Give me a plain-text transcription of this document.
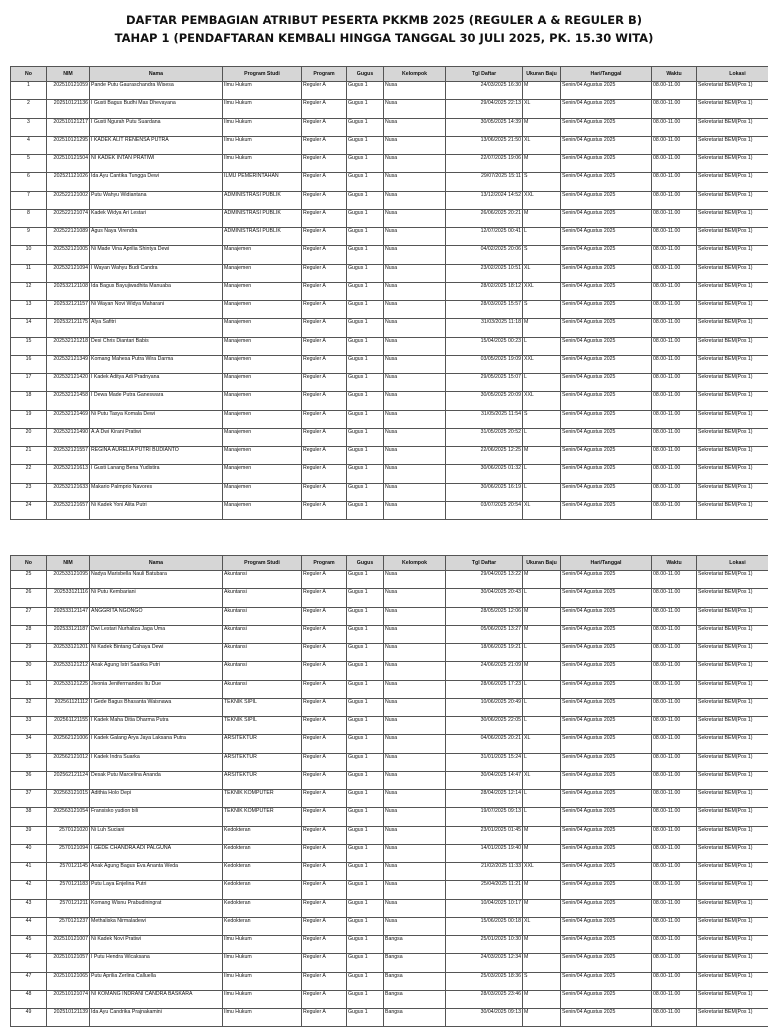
DAFTAR PEMBAGIAN ATRIBUT PESERTA PKKMB 2025 (REGULER A & REGULER B)
TAHAP 1 (PENDAFTARAN KEMBALI HINGGA TANGGAL 30 JULI 2025, PK. 15.30 WITA)
No	NIM	Nama	Program Studi	Program	Gugus	Kelompok	Tgl Daftar	Ukuran Baju	Hari/Tanggal	Waktu	Lokasi
1	2025101210​59	Pande Putu Gauraschandra Wisesa	Ilmu Hukum	Reguler A	Gugus 1	Nusa	24/03/2025 16:30	M	Senin/04 Agustus 2025	08.00-11.00	Sekretariat BEM(Pos 1)
2	202510121136	I Gusti Bagus Budhi Mas Dhevayana	Ilmu Hukum	Reguler A	Gugus 1	Nusa	29/04/2025 22:13	XL	Senin/04 Agustus 2025	08.00-11.00	Sekretariat BEM(Pos 1)
3	202510121217	I Gusti Ngurah Putu Suardana	Ilmu Hukum	Reguler A	Gugus 1	Nusa	30/05/2025 14:39	M	Senin/04 Agustus 2025	08.00-11.00	Sekretariat BEM(Pos 1)
4	202510121295	I KADEK ALIT RENENSA PUTRA	Ilmu Hukum	Reguler A	Gugus 1	Nusa	13/06/2025 21:50	XL	Senin/04 Agustus 2025	08.00-11.00	Sekretariat BEM(Pos 1)
5	202510121504	NI KADEK INTAN PRATIWI	Ilmu Hukum	Reguler A	Gugus 1	Nusa	22/07/2025 19:06	M	Senin/04 Agustus 2025	08.00-11.00	Sekretariat BEM(Pos 1)
6	202521121026	Ida Ayu Cantika Tungga Dewi	ILMU PEMERINTAHAN	Reguler A	Gugus 1	Nusa	29/07/2025 15:11	S	Senin/04 Agustus 2025	08.00-11.00	Sekretariat BEM(Pos 1)
7	202522121002	Putu Wahyu Widiantana	ADMINISTRASI PUBLIK	Reguler A	Gugus 1	Nusa	13/12/2024 14:52	XXL	Senin/04 Agustus 2025	08.00-11.00	Sekretariat BEM(Pos 1)
8	202522121074	Kadek Widya Ari Lestari	ADMINISTRASI PUBLIK	Reguler A	Gugus 1	Nusa	26/06/2025 20:21	M	Senin/04 Agustus 2025	08.00-11.00	Sekretariat BEM(Pos 1)
9	202522121089	Agus Naya Virendra	ADMINISTRASI PUBLIK	Reguler A	Gugus 1	Nusa	12/07/2025 00:41	L	Senin/04 Agustus 2025	08.00-11.00	Sekretariat BEM(Pos 1)
10	202532121005	Ni Made Vina Aprilia Shintya Dewi	Manajemen	Reguler A	Gugus 1	Nusa	04/02/2025 20:06	S	Senin/04 Agustus 2025	08.00-11.00	Sekretariat BEM(Pos 1)
11	202532121094	I Wayan Wahyu Budi Candra	Manajemen	Reguler A	Gugus 1	Nusa	23/02/2025 10:51	XL	Senin/04 Agustus 2025	08.00-11.00	Sekretariat BEM(Pos 1)
12	202532121108	Ida Bagus Bayujiwadhita Manuaba	Manajemen	Reguler A	Gugus 1	Nusa	28/02/2025 18:12	XXL	Senin/04 Agustus 2025	08.00-11.00	Sekretariat BEM(Pos 1)
13	202532121157	Ni Wayan Novi Widya Maharani	Manajemen	Reguler A	Gugus 1	Nusa	28/03/2025 15:57	S	Senin/04 Agustus 2025	08.00-11.00	Sekretariat BEM(Pos 1)
14	202532121175	Alya Safitri	Manajemen	Reguler A	Gugus 1	Nusa	31/03/2025 11:18	M	Senin/04 Agustus 2025	08.00-11.00	Sekretariat BEM(Pos 1)
15	202532121218	Desi Chris Diantari Babis	Manajemen	Reguler A	Gugus 1	Nusa	15/04/2025 00:23	L	Senin/04 Agustus 2025	08.00-11.00	Sekretariat BEM(Pos 1)
16	202532121349	Komang Mahesa Putra Wira Darma	Manajemen	Reguler A	Gugus 1	Nusa	03/05/2025 19:09	XXL	Senin/04 Agustus 2025	08.00-11.00	Sekretariat BEM(Pos 1)
17	202532121420	I Kadek Aditya Adi Pradnyana	Manajemen	Reguler A	Gugus 1	Nusa	29/05/2025 15:07	L	Senin/04 Agustus 2025	08.00-11.00	Sekretariat BEM(Pos 1)
18	202532121458	I Dewa Made Putra Ganeswara	Manajemen	Reguler A	Gugus 1	Nusa	30/05/2025 20:09	XXL	Senin/04 Agustus 2025	08.00-11.00	Sekretariat BEM(Pos 1)
19	202532121469	Ni Putu Tasya Komala Dewi	Manajemen	Reguler A	Gugus 1	Nusa	31/05/2025 11:54	S	Senin/04 Agustus 2025	08.00-11.00	Sekretariat BEM(Pos 1)
20	202532121490	A.A Dwi Kirani Pratiwi	Manajemen	Reguler A	Gugus 1	Nusa	31/05/2025 20:52	L	Senin/04 Agustus 2025	08.00-11.00	Sekretariat BEM(Pos 1)
21	202532121557	REGINA AURELIA PUTRI BUDIANTO	Manajemen	Reguler A	Gugus 1	Nusa	22/06/2025 12:25	M	Senin/04 Agustus 2025	08.00-11.00	Sekretariat BEM(Pos 1)
22	202532121613	I Gusti Lanang Bena Yudistira	Manajemen	Reguler A	Gugus 1	Nusa	30/06/2025 01:32	L	Senin/04 Agustus 2025	08.00-11.00	Sekretariat BEM(Pos 1)
23	202532121633	Makario Palmprio Navores	Manajemen	Reguler A	Gugus 1	Nusa	30/06/2025 16:19	L	Senin/04 Agustus 2025	08.00-11.00	Sekretariat BEM(Pos 1)
24	202532121657	Ni Kadek Yoni Alita Putri	Manajemen	Reguler A	Gugus 1	Nusa	03/07/2025 20:54	XL	Senin/04 Agustus 2025	08.00-11.00	Sekretariat BEM(Pos 1)
No	NIM	Nama	Program Studi	Program	Gugus	Kelompok	Tgl Daftar	Ukuran Baju	Hari/Tanggal	Waktu	Lokasi
25	202533121095	Nadya Marisbella Nauli Batubara	Akuntansi	Reguler A	Gugus 1	Nusa	29/04/2025 13:22	M	Senin/04 Agustus 2025	08.00-11.00	Sekretariat BEM(Pos 1)
26	202533121116	Ni Putu Kembariani	Akuntansi	Reguler A	Gugus 1	Nusa	30/04/2025 20:43	L	Senin/04 Agustus 2025	08.00-11.00	Sekretariat BEM(Pos 1)
27	202533121147	ANGGRITA NGONGO	Akuntansi	Reguler A	Gugus 1	Nusa	28/05/2025 12:06	M	Senin/04 Agustus 2025	08.00-11.00	Sekretariat BEM(Pos 1)
28	202533121187	Dwi Lestari Nurhaliza Jaga Uma	Akuntansi	Reguler A	Gugus 1	Nusa	05/06/2025 13:27	M	Senin/04 Agustus 2025	08.00-11.00	Sekretariat BEM(Pos 1)
29	202533121201	Ni Kadek Bintang Cahaya Dewi	Akuntansi	Reguler A	Gugus 1	Nusa	18/06/2025 19:21	L	Senin/04 Agustus 2025	08.00-11.00	Sekretariat BEM(Pos 1)
30	202533121212	Anak Agung Istri Saarika Putri	Akuntansi	Reguler A	Gugus 1	Nusa	24/06/2025 21:09	M	Senin/04 Agustus 2025	08.00-11.00	Sekretariat BEM(Pos 1)
31	202533121225	Jivonia Jeniferrnandes Itu Due	Akuntansi	Reguler A	Gugus 1	Nusa	28/06/2025 17:23	L	Senin/04 Agustus 2025	08.00-11.00	Sekretariat BEM(Pos 1)
32	202561121112	I Gede Bagus Bhasanta Waisnawa	TEKNIK SIPIL	Reguler A	Gugus 1	Nusa	10/06/2025 20:49	L	Senin/04 Agustus 2025	08.00-11.00	Sekretariat BEM(Pos 1)
33	202561121155	I Kadek Maha Ditia Dharma Putra	TEKNIK SIPIL	Reguler A	Gugus 1	Nusa	30/06/2025 22:05	L	Senin/04 Agustus 2025	08.00-11.00	Sekretariat BEM(Pos 1)
34	202562121006	I Kadek Galang Arya Jaya Laksana Putra	ARSITEKTUR	Reguler A	Gugus 1	Nusa	04/06/2025 20:21	XL	Senin/04 Agustus 2025	08.00-11.00	Sekretariat BEM(Pos 1)
35	202562121012	I Kadek Indra Suarka	ARSITEKTUR	Reguler A	Gugus 1	Nusa	31/01/2025 15:24	L	Senin/04 Agustus 2025	08.00-11.00	Sekretariat BEM(Pos 1)
36	202562121124	Desak Putu Marcelina Ananda	ARSITEKTUR	Reguler A	Gugus 1	Nusa	30/04/2025 14:47	XL	Senin/04 Agustus 2025	08.00-11.00	Sekretariat BEM(Pos 1)
37	202563121015	Adithia Holo Depi	TEKNIK KOMPUTER	Reguler A	Gugus 1	Nusa	28/04/2025 12:14	L	Senin/04 Agustus 2025	08.00-11.00	Sekretariat BEM(Pos 1)
38	202563121054	Fransisko yudion bili	TEKNIK KOMPUTER	Reguler A	Gugus 1	Nusa	19/07/2025 09:13	L	Senin/04 Agustus 2025	08.00-11.00	Sekretariat BEM(Pos 1)
39	2570121020	Ni Luh Suciani	Kedokteran	Reguler A	Gugus 1	Nusa	23/01/2025 01:45	M	Senin/04 Agustus 2025	08.00-11.00	Sekretariat BEM(Pos 1)
40	2570121094	I GEDE CHANDRA ADI PALGUNA	Kedokteran	Reguler A	Gugus 1	Nusa	14/01/2025 19:40	M	Senin/04 Agustus 2025	08.00-11.00	Sekretariat BEM(Pos 1)
41	2570121145	Anak Agung Bagus Eva Ananta Weda	Kedokteran	Reguler A	Gugus 1	Nusa	21/02/2025 11:33	XXL	Senin/04 Agustus 2025	08.00-11.00	Sekretariat BEM(Pos 1)
42	2570121183	Putu Laya Enjelina Putri	Kedokteran	Reguler A	Gugus 1	Nusa	25/04/2025 11:21	M	Senin/04 Agustus 2025	08.00-11.00	Sekretariat BEM(Pos 1)
43	2570121211	Komang Wisnu Prabudiningrat	Kedokteran	Reguler A	Gugus 1	Nusa	10/04/2025 10:17	M	Senin/04 Agustus 2025	08.00-11.00	Sekretariat BEM(Pos 1)
44	2570121237	Methaliska Nirmaladewi	Kedokteran	Reguler A	Gugus 1	Nusa	15/06/2025 00:18	XL	Senin/04 Agustus 2025	08.00-11.00	Sekretariat BEM(Pos 1)
45	202510121007	Ni Kadek Novi Pratiwi	Ilmu Hukum	Reguler A	Gugus 1	Bangsa	25/01/2025 10:30	M	Senin/04 Agustus 2025	08.00-11.00	Sekretariat BEM(Pos 1)
46	202510121057	I Putu Hendra Wicaksana	Ilmu Hukum	Reguler A	Gugus 1	Bangsa	24/03/2025 12:34	M	Senin/04 Agustus 2025	08.00-11.00	Sekretariat BEM(Pos 1)
47	202510121065	Putu Aprilia Zerlina Calluella	Ilmu Hukum	Reguler A	Gugus 1	Bangsa	25/03/2025 18:36	S	Senin/04 Agustus 2025	08.00-11.00	Sekretariat BEM(Pos 1)
48	202510121074	NI KOMANG INDRANI CANDRA BASKARA	Ilmu Hukum	Reguler A	Gugus 1	Bangsa	28/03/2025 23:46	M	Senin/04 Agustus 2025	08.00-11.00	Sekretariat BEM(Pos 1)
49	202510121139	Ida Ayu Candrika Prajnakamini	Ilmu Hukum	Reguler A	Gugus 1	Bangsa	30/04/2025 09:13	M	Senin/04 Agustus 2025	08.00-11.00	Sekretariat BEM(Pos 1)
